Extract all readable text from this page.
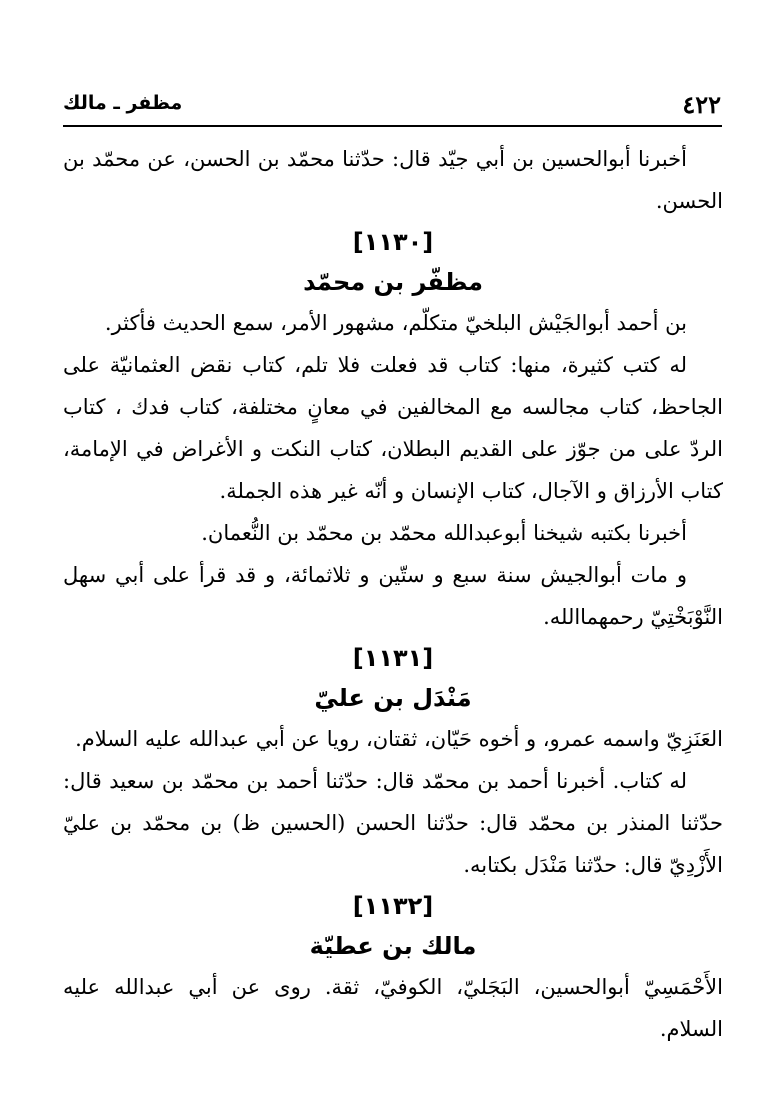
٤٢٢
مظفر ـ مالك

أخبرنا أبوالحسين بن أبي جيّد قال: حدّثنا محمّد بن الحسن، عن محمّد بن الحسن.

[١١٣٠]

مظفّر بن محمّد

بن أحمد أبوالجَيْش البلخيّ متكلّم، مشهور الأمر، سمع الحديث فأكثر.

له كتب كثيرة، منها: كتاب قد فعلت فلا تلم، كتاب نقض العثمانيّة على الجاحظ، كتاب مجالسه مع المخالفين في معانٍ مختلفة، كتاب فدك ، كتاب الردّ على من جوّز على القديم البطلان، كتاب النكت و الأغراض في الإمامة، كتاب الأرزاق و الآجال، كتاب الإنسان و أنّه غير هذه الجملة.

أخبرنا بكتبه شيخنا أبوعبدالله محمّد بن محمّد بن النُّعمان.

و مات أبوالجيش سنة سبع و ستّين و ثلاثمائة، و قد قرأ على أبي سهل النَّوْبَخْتِيّ رحمهماالله.

[١١٣١]

مَنْدَل بن عليّ

العَنَزِيّ واسمه عمرو، و أخوه حَيّان، ثقتان، رويا عن أبي عبدالله عليه السلام.

له كتاب. أخبرنا أحمد بن محمّد قال: حدّثنا أحمد بن محمّد بن سعيد قال: حدّثنا المنذر بن محمّد قال: حدّثنا الحسن (الحسين ظ) بن محمّد بن عليّ الأَزْدِيّ قال: حدّثنا مَنْدَل بكتابه.

[١١٣٢]

مالك بن عطيّة

الأَحْمَسِيّ أبوالحسين، البَجَليّ، الكوفيّ، ثقة. روى عن أبي عبدالله عليه السلام.
